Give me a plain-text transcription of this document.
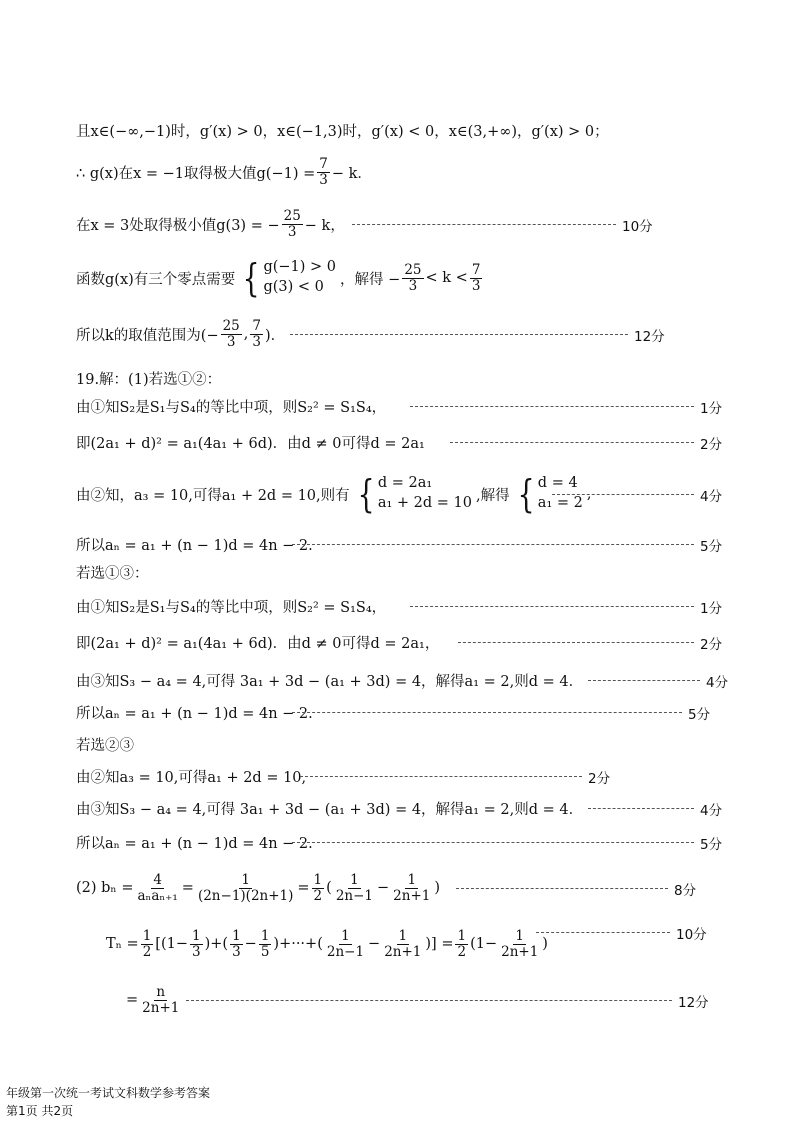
且x∈(−∞,−1)时，g′(x) > 0，x∈(−1,3)时，g′(x) < 0，x∈(3,+∞)，g′(x) > 0；
∴ g(x)在x = −1取得极大值$g(-1) = \frac{7}{3} - k$．
在x = 3处取得极小值g(3) = − $\frac{25}{3} - k$，	10分
函数g(x)有三个零点需要 { g(−1) > 0
g(3) < 0	，解得 − $\frac{25}{3} < k < \frac{7}{3}$
所以k的取值范围为(− $\frac{25}{3}$ , $\frac{7}{3}$ )．	12分
19.解：(1)若选①②：
由①知S₂是S₁与S₄的等比中项，则S₂² = S₁S₄，	1分
即(2a₁ + d)² = a₁(4a₁ + 6d)．由d ≠ 0可得d = 2a₁	2分
由②知，a₃ = 10,可得a₁ + 2d = 10,则有 { d = 2a₁
a₁ + 2d = 10 ,解得 { d = 4
a₁ = 2
,	4分
所以aₙ = a₁ + (n − 1)d = 4n − 2.	5分
若选①③：
由①知S₂是S₁与S₄的等比中项，则S₂² = S₁S₄，	1分
即(2a₁ + d)² = a₁(4a₁ + 6d)．由d ≠ 0可得d = 2a₁，	2分
由③知S₃ − a₄ = 4,可得 3a₁ + 3d − (a₁ + 3d) = 4，解得a₁ = 2,则d = 4．	4分
所以aₙ = a₁ + (n − 1)d = 4n − 2.	5分
若选②③
由②知a₃ = 10,可得a₁ + 2d = 10,	2分
由③知S₃ − a₄ = 4,可得 3a₁ + 3d − (a₁ + 3d) = 4，解得a₁ = 2,则d = 4．	4分
所以aₙ = a₁ + (n − 1)d = 4n − 2.	5分
(2) $b_n = \frac{4}{\text{aₙaₙ₊₁}} = \frac{1}{(2n-1)(2n+1)} = \frac{1}{2}$ ( $\frac{1}{2n-1} - \frac{1}{2n+1}$ )	8分
$T_n = \frac{1}{2} [(1- \frac{1}{3}$ )+( $\frac{1}{3} - \frac{1}{5}$ )+···+( $\frac{1}{2n-1} - \frac{1}{2n+1}$ )] = $\frac{1}{2} (1- \frac{1}{2n+1}$ )
10分
= $\frac{n}{2n+1}$	12分
年级第一次统一考试文科数学参考答案
第1页 共2页
